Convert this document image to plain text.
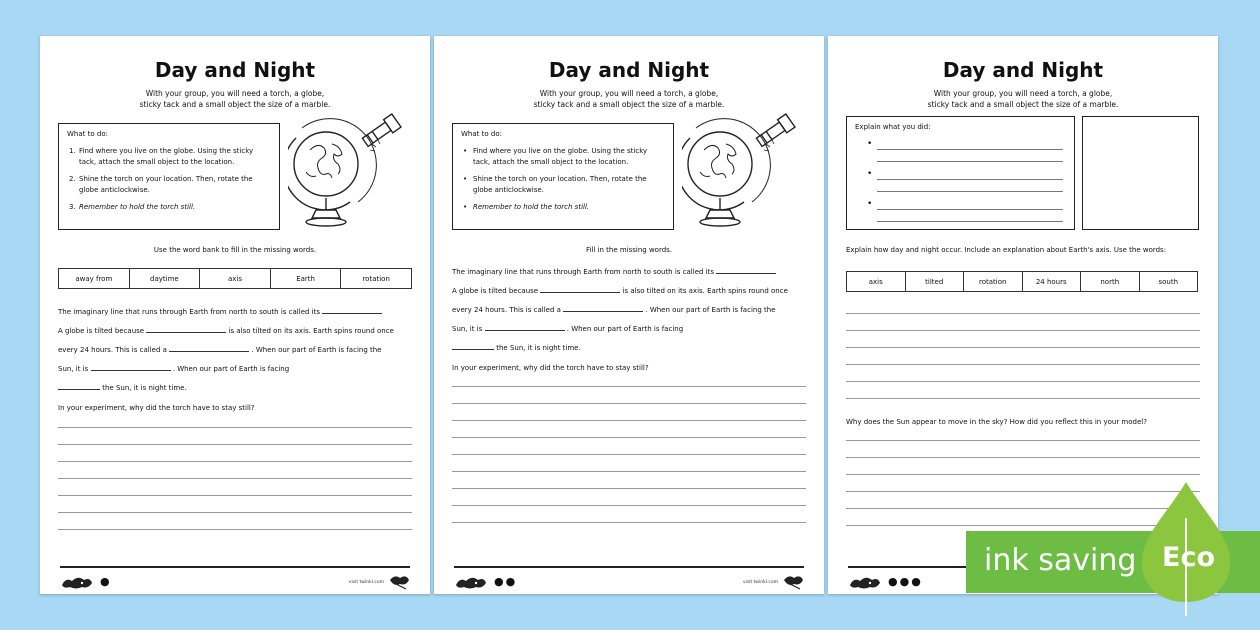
Day and Night
With your group, you will need a torch, a globe,
sticky tack and a small object the size of a marble.
What to do:
1. Find where you live on the globe. Using the sticky
tack, attach the small object to the location.
2. Shine the torch on your location. Then, rotate the
globe anticlockwise.
3. Remember to hold the torch still.
Use the word bank to fill in the missing words.
away from	daytime	axis	Earth	rotation
The imaginary line that runs through Earth from north to south is called its
A globe is tilted because	is also tilted on its axis. Earth spins round once
every 24 hours. This is called a	. When our part of Earth is facing the
Sun, it is	. When our part of Earth is facing
the Sun, it is night time.
In your experiment, why did the torch have to stay still?
●	visit twinkl.com
Day and Night
With your group, you will need a torch, a globe,
sticky tack and a small object the size of a marble.
What to do:
• Find where you live on the globe. Using the sticky
tack, attach the small object to the location.
• Shine the torch on your location. Then, rotate the
globe anticlockwise.
• Remember to hold the torch still.
Fill in the missing words.
The imaginary line that runs through Earth from north to south is called its
A globe is tilted because	is also tilted on its axis. Earth spins round once
every 24 hours. This is called a	. When our part of Earth is facing the
Sun, it is	. When our part of Earth is facing
the Sun, it is night time.
In your experiment, why did the torch have to stay still?
●●	visit twinkl.com
Day and Night
With your group, you will need a torch, a globe,
sticky tack and a small object the size of a marble.
Explain what you did:
•
•
•
Explain how day and night occur. Include an explanation about Earth's axis. Use the words:
axis	tilted	rotation	24 hours	north	south
Why does the Sun appear to move in the sky? How did you reflect this in your model?
●●●
ink saving Eco
